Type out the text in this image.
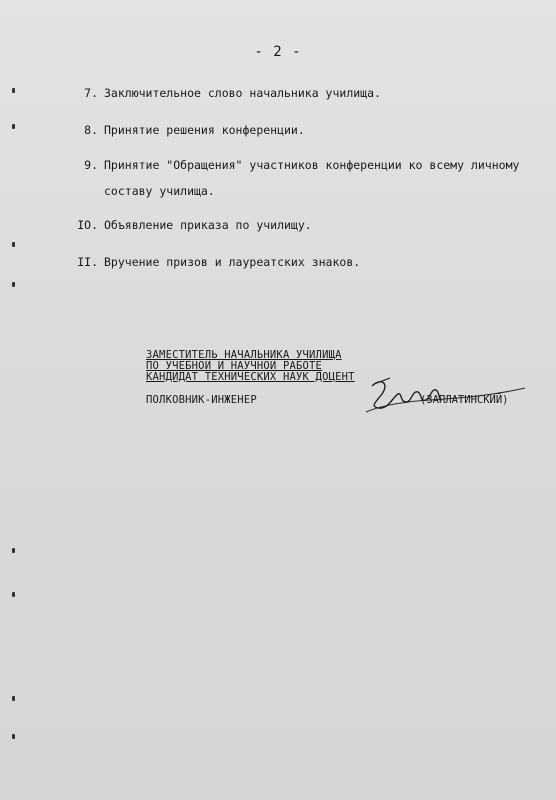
- 2 -
7. Заключительное слово начальника училища.
8. Принятие решения конференции.
9. Принятие "Обращения" участников конференции ко всему личному
составу училища.
IO. Объявление приказа по училищу.
II. Вручение призов и лауреатских знаков.
ЗАМЕСТИТЕЛЬ НАЧАЛЬНИКА УЧИЛИЩА
ПО УЧЕБНОЙ И НАУЧНОЙ РАБОТЕ
КАНДИДАТ ТЕХНИЧЕСКИХ НАУК ДОЦЕНТ
ПОЛКОВНИК-ИНЖЕНЕР	(ЗАПЛАТИНСКИЙ)
